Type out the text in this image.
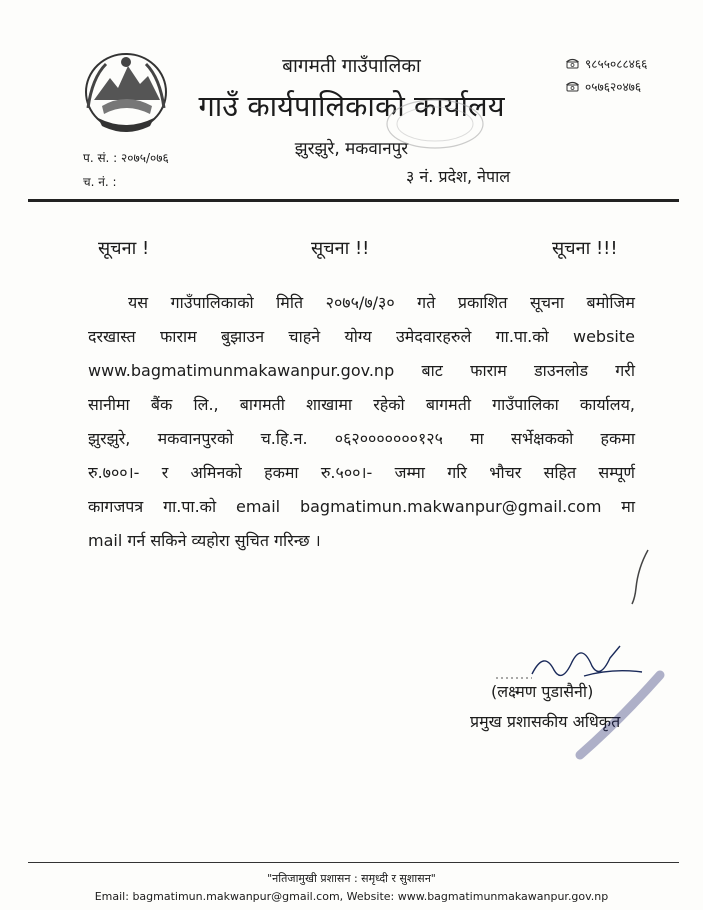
बागमती गाउँपालिका
गाउँ कार्यपालिकाको कार्यालय
झुरझुरे, मकवानपुर
३ नं. प्रदेश, नेपाल
९८५५०८८४६६
०५७६२०४७६
प. सं. : २०७५/०७६
च. नं. :
सूचना !	सूचना !!	सूचना !!!
यस गाउँपालिकाको मिति २०७५/७/३० गते प्रकाशित सूचना बमोजिम
दरखास्त फाराम बुझाउन चाहने योग्य उमेदवारहरुले गा.पा.को website
www.bagmatimunmakawanpur.gov.np बाट फाराम डाउनलोड गरी
सानीमा बैंक लि., बागमती शाखामा रहेको बागमती गाउँपालिका कार्यालय,
झुरझुरे, मकवानपुरको च.हि.न. ०६२०००००००१२५ मा सर्भेक्षकको हकमा
रु.७००।- र अमिनको हकमा रु.५००।- जम्मा गरि भौचर सहित सम्पूर्ण
कागजपत्र गा.पा.को email bagmatimun.makwanpur@gmail.com मा
mail गर्न सकिने व्यहोरा सुचित गरिन्छ ।
(लक्ष्मण पुडासैनी)
प्रमुख प्रशासकीय अधिकृत
"नतिजामुखी प्रशासन : समृध्दी र सुशासन"
Email: bagmatimun.makwanpur@gmail.com, Website: www.bagmatimunmakawanpur.gov.np
